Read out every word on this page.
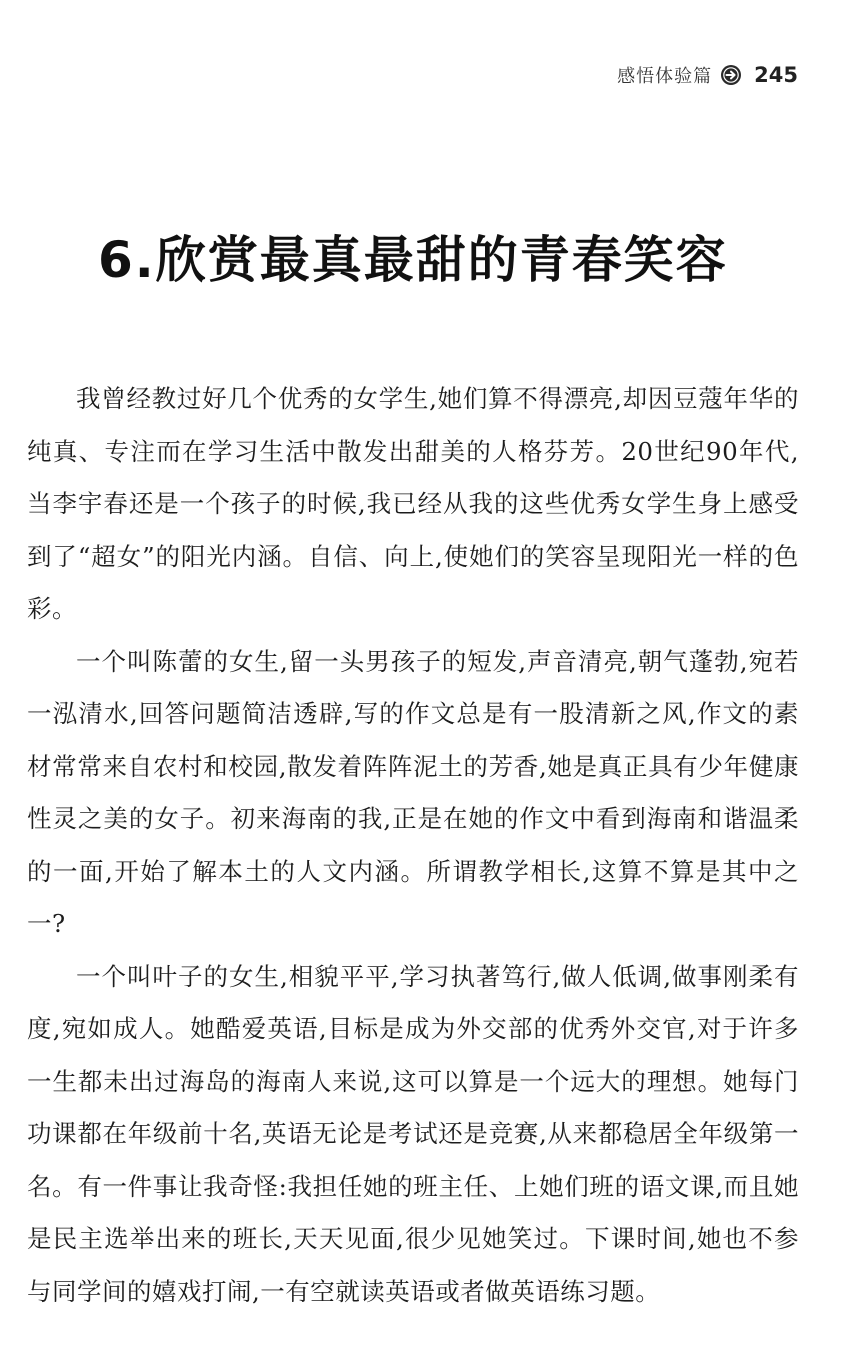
感悟体验篇 245
6.欣赏最真最甜的青春笑容

我曾经教过好几个优秀的女学生,她们算不得漂亮,却因豆蔻年华的纯真、专注而在学习生活中散发出甜美的人格芬芳。20世纪90年代,当李宇春还是一个孩子的时候,我已经从我的这些优秀女学生身上感受到了“超女”的阳光内涵。自信、向上,使她们的笑容呈现阳光一样的色彩。

一个叫陈蕾的女生,留一头男孩子的短发,声音清亮,朝气蓬勃,宛若一泓清水,回答问题简洁透辟,写的作文总是有一股清新之风,作文的素材常常来自农村和校园,散发着阵阵泥土的芳香,她是真正具有少年健康性灵之美的女子。初来海南的我,正是在她的作文中看到海南和谐温柔的一面,开始了解本土的人文内涵。所谓教学相长,这算不算是其中之一?

一个叫叶子的女生,相貌平平,学习执著笃行,做人低调,做事刚柔有度,宛如成人。她酷爱英语,目标是成为外交部的优秀外交官,对于许多一生都未出过海岛的海南人来说,这可以算是一个远大的理想。她每门功课都在年级前十名,英语无论是考试还是竞赛,从来都稳居全年级第一名。有一件事让我奇怪:我担任她的班主任、上她们班的语文课,而且她是民主选举出来的班长,天天见面,很少见她笑过。下课时间,她也不参与同学间的嬉戏打闹,一有空就读英语或者做英语练习题。
